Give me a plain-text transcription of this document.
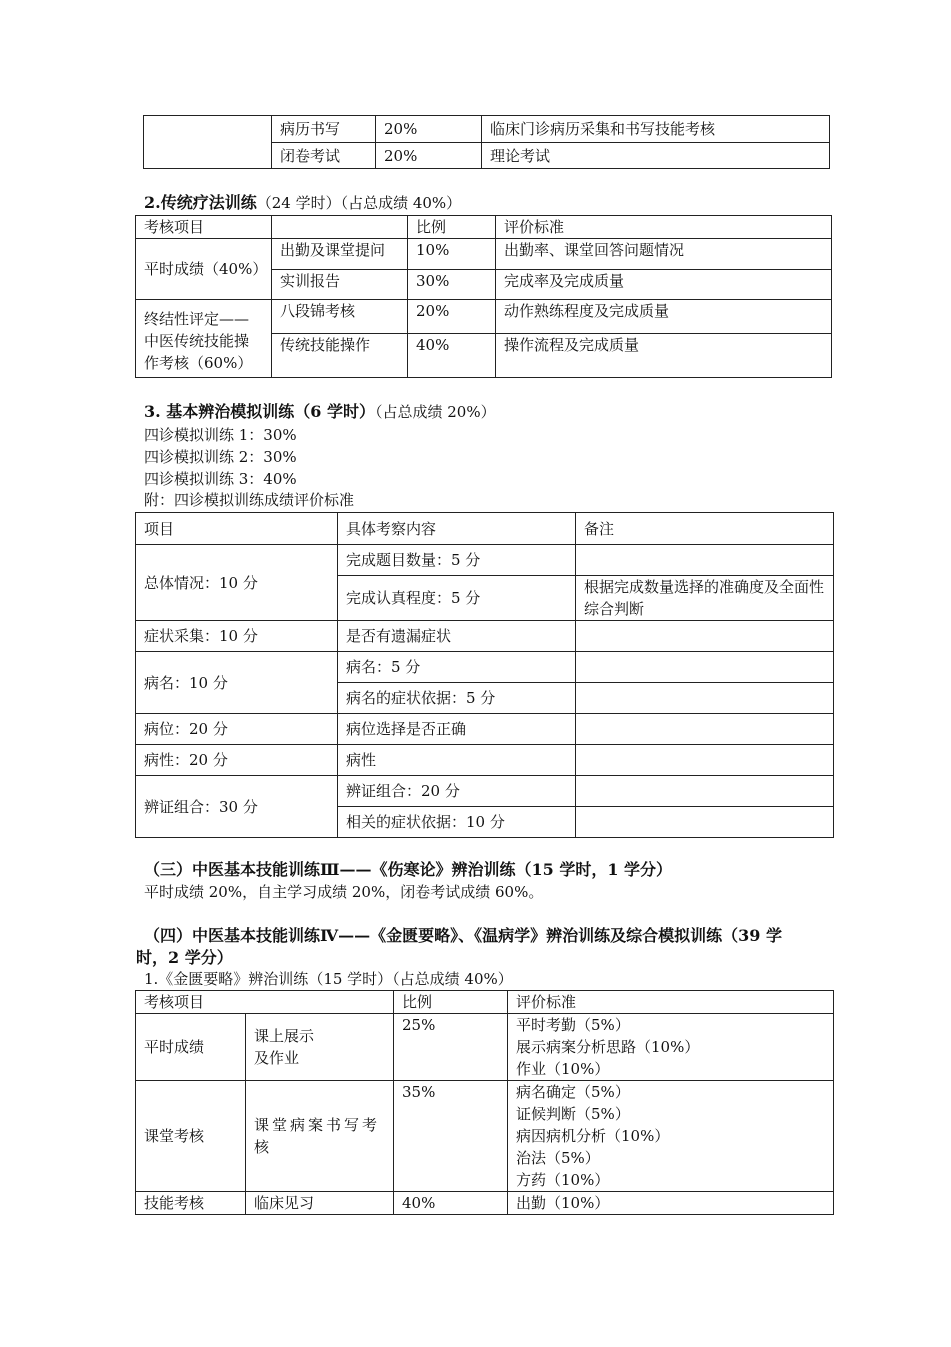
	病历书写	20%	临床门诊病历采集和书写技能考核
	闭卷考试	20%	理论考试
2.传统疗法训练（24 学时）（占总成绩 40%）
考核项目		比例	评价标准
平时成绩（40%）	出勤及课堂提问	10%	出勤率、课堂回答问题情况
	实训报告	30%	完成率及完成质量
终结性评定——中医传统技能操作考核（60%）	八段锦考核	20%	动作熟练程度及完成质量
	传统技能操作	40%	操作流程及完成质量
3. 基本辨治模拟训练（6 学时）（占总成绩 20%）
四诊模拟训练 1：30%
四诊模拟训练 2：30%
四诊模拟训练 3：40%
附：四诊模拟训练成绩评价标准
项目	具体考察内容	备注
总体情况：10 分	完成题目数量：5 分	
	完成认真程度：5 分	根据完成数量选择的准确度及全面性综合判断
症状采集：10 分	是否有遗漏症状	
病名：10 分	病名：5 分	
	病名的症状依据：5 分	
病位：20 分	病位选择是否正确	
病性：20 分	病性	
辨证组合：30 分	辨证组合：20 分	
	相关的症状依据：10 分	
（三）中医基本技能训练Ⅲ——《伤寒论》辨治训练（15 学时，1 学分）
平时成绩 20%，自主学习成绩 20%，闭卷考试成绩 60%。
（四）中医基本技能训练Ⅳ——《金匮要略》、《温病学》辨治训练及综合模拟训练（39 学
时，2 学分）
1.《金匮要略》辨治训练（15 学时）（占总成绩 40%）
考核项目		比例	评价标准
平时成绩	课上展示
及作业	25%	平时考勤（5%）
展示病案分析思路（10%）
作业（10%）
课堂考核	课堂病案书写考核	35%	病名确定（5%）
证候判断（5%）
病因病机分析（10%）
治法（5%）
方药（10%）
技能考核	临床见习	40%	出勤（10%）
